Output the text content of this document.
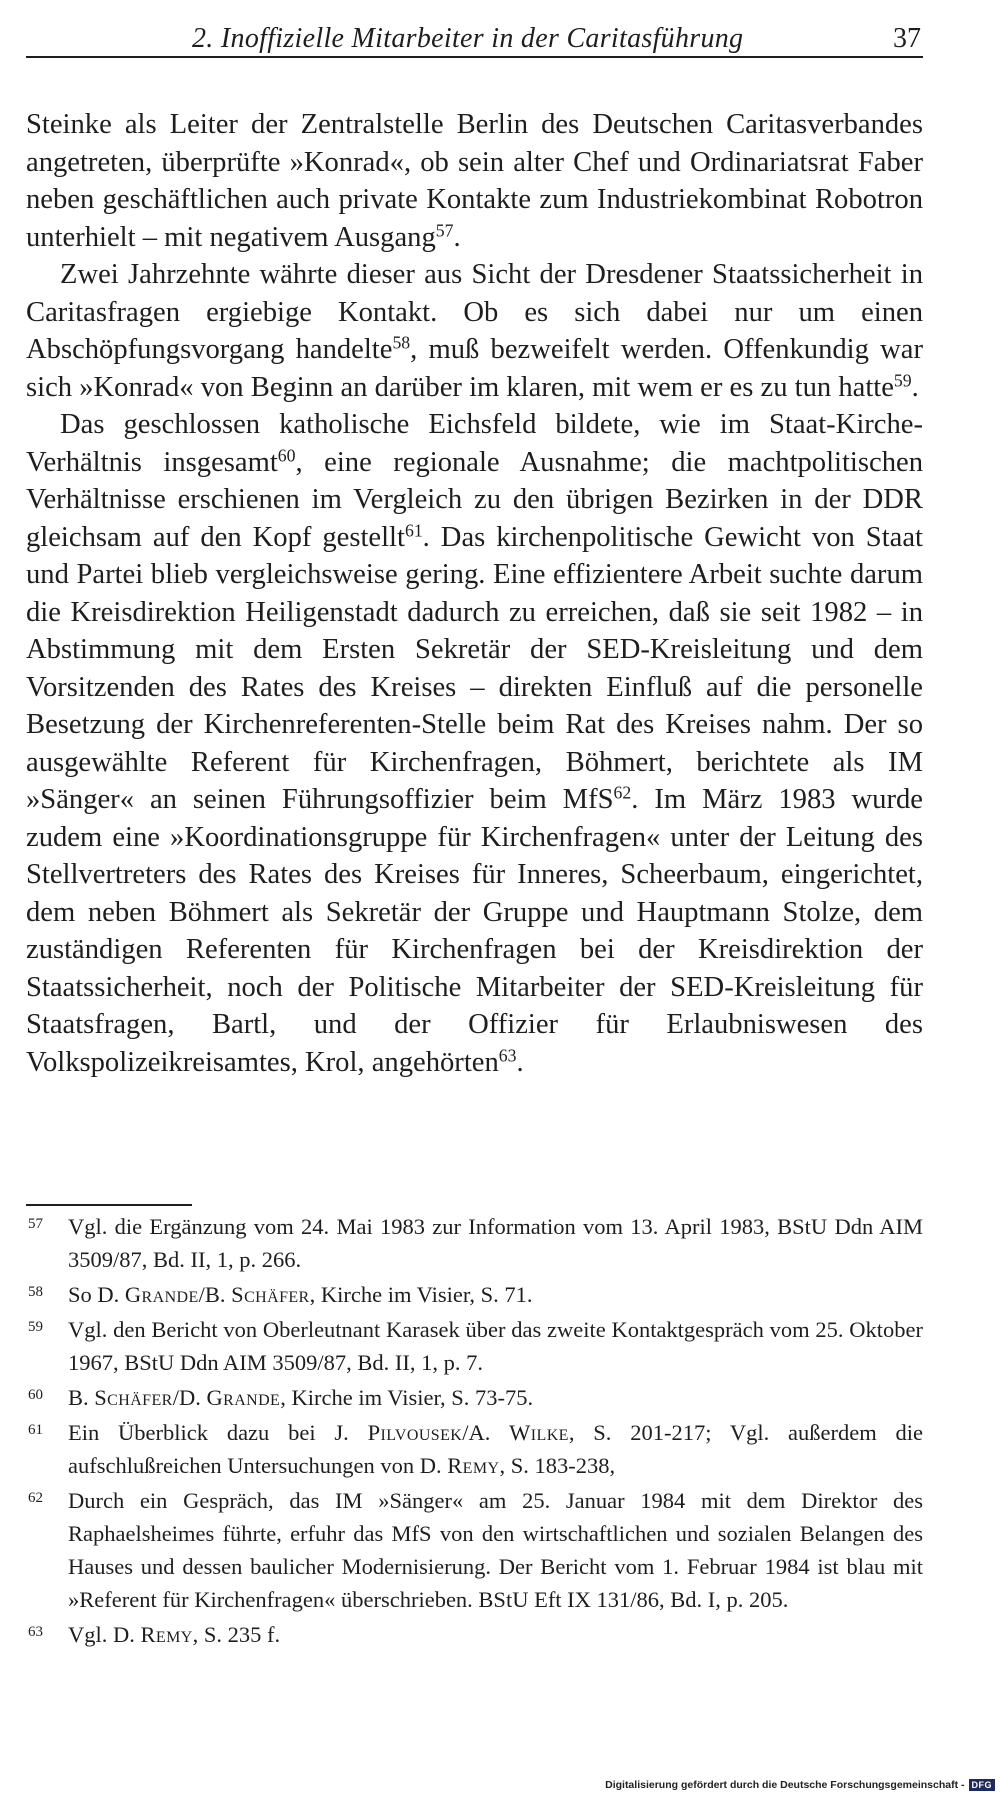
2. Inoffizielle Mitarbeiter in der Caritasführung	37

Steinke als Leiter der Zentralstelle Berlin des Deutschen Caritasverbandes angetreten, überprüfte »Konrad«, ob sein alter Chef und Ordinariatsrat Faber neben geschäftlichen auch private Kontakte zum Industriekombinat Robotron unterhielt – mit negativem Ausgang$^{57}$.

Zwei Jahrzehnte währte dieser aus Sicht der Dresdener Staatssicherheit in Caritasfragen ergiebige Kontakt. Ob es sich dabei nur um einen Abschöpfungsvorgang handelte$^{58}$, muß bezweifelt werden. Offenkundig war sich »Konrad« von Beginn an darüber im klaren, mit wem er es zu tun hatte$^{59}$.

Das geschlossen katholische Eichsfeld bildete, wie im Staat-Kirche-Verhältnis insgesamt$^{60}$, eine regionale Ausnahme; die machtpolitischen Verhältnisse erschienen im Vergleich zu den übrigen Bezirken in der DDR gleichsam auf den Kopf gestellt$^{61}$. Das kirchenpolitische Gewicht von Staat und Partei blieb vergleichsweise gering. Eine effizientere Arbeit suchte darum die Kreisdirektion Heiligenstadt dadurch zu erreichen, daß sie seit 1982 – in Abstimmung mit dem Ersten Sekretär der SED-Kreisleitung und dem Vorsitzenden des Rates des Kreises – direkten Einfluß auf die personelle Besetzung der Kirchenreferenten-Stelle beim Rat des Kreises nahm. Der so ausgewählte Referent für Kirchenfragen, Böhmert, berichtete als IM »Sänger« an seinen Führungsoffizier beim MfS$^{62}$. Im März 1983 wurde zudem eine »Koordinationsgruppe für Kirchenfragen« unter der Leitung des Stellvertreters des Rates des Kreises für Inneres, Scheerbaum, eingerichtet, dem neben Böhmert als Sekretär der Gruppe und Hauptmann Stolze, dem zuständigen Referenten für Kirchenfragen bei der Kreisdirektion der Staatssicherheit, noch der Politische Mitarbeiter der SED-Kreisleitung für Staatsfragen, Bartl, und der Offizier für Erlaubniswesen des Volkspolizeikreisamtes, Krol, angehörten$^{63}$.

57 Vgl. die Ergänzung vom 24. Mai 1983 zur Information vom 13. April 1983, BStU Ddn AIM 3509/87, Bd. II, 1, p. 266.
58 So D. Grande/B. Schäfer, Kirche im Visier, S. 71.
59 Vgl. den Bericht von Oberleutnant Karasek über das zweite Kontaktgespräch vom 25. Oktober 1967, BStU Ddn AIM 3509/87, Bd. II, 1, p. 7.
60 B. Schäfer/D. Grande, Kirche im Visier, S. 73-75.
61 Ein Überblick dazu bei J. Pilvousek/A. Wilke, S. 201-217; Vgl. außerdem die aufschlußreichen Untersuchungen von D. Remy, S. 183-238,
62 Durch ein Gespräch, das IM »Sänger« am 25. Januar 1984 mit dem Direktor des Raphaelsheimes führte, erfuhr das MfS von den wirtschaftlichen und sozialen Belangen des Hauses und dessen baulicher Modernisierung. Der Bericht vom 1. Februar 1984 ist blau mit »Referent für Kirchenfragen« überschrieben. BStU Eft IX 131/86, Bd. I, p. 205.
63 Vgl. D. Remy, S. 235 f.
Digitalisierung gefördert durch die Deutsche Forschungsgemeinschaft - DFG
